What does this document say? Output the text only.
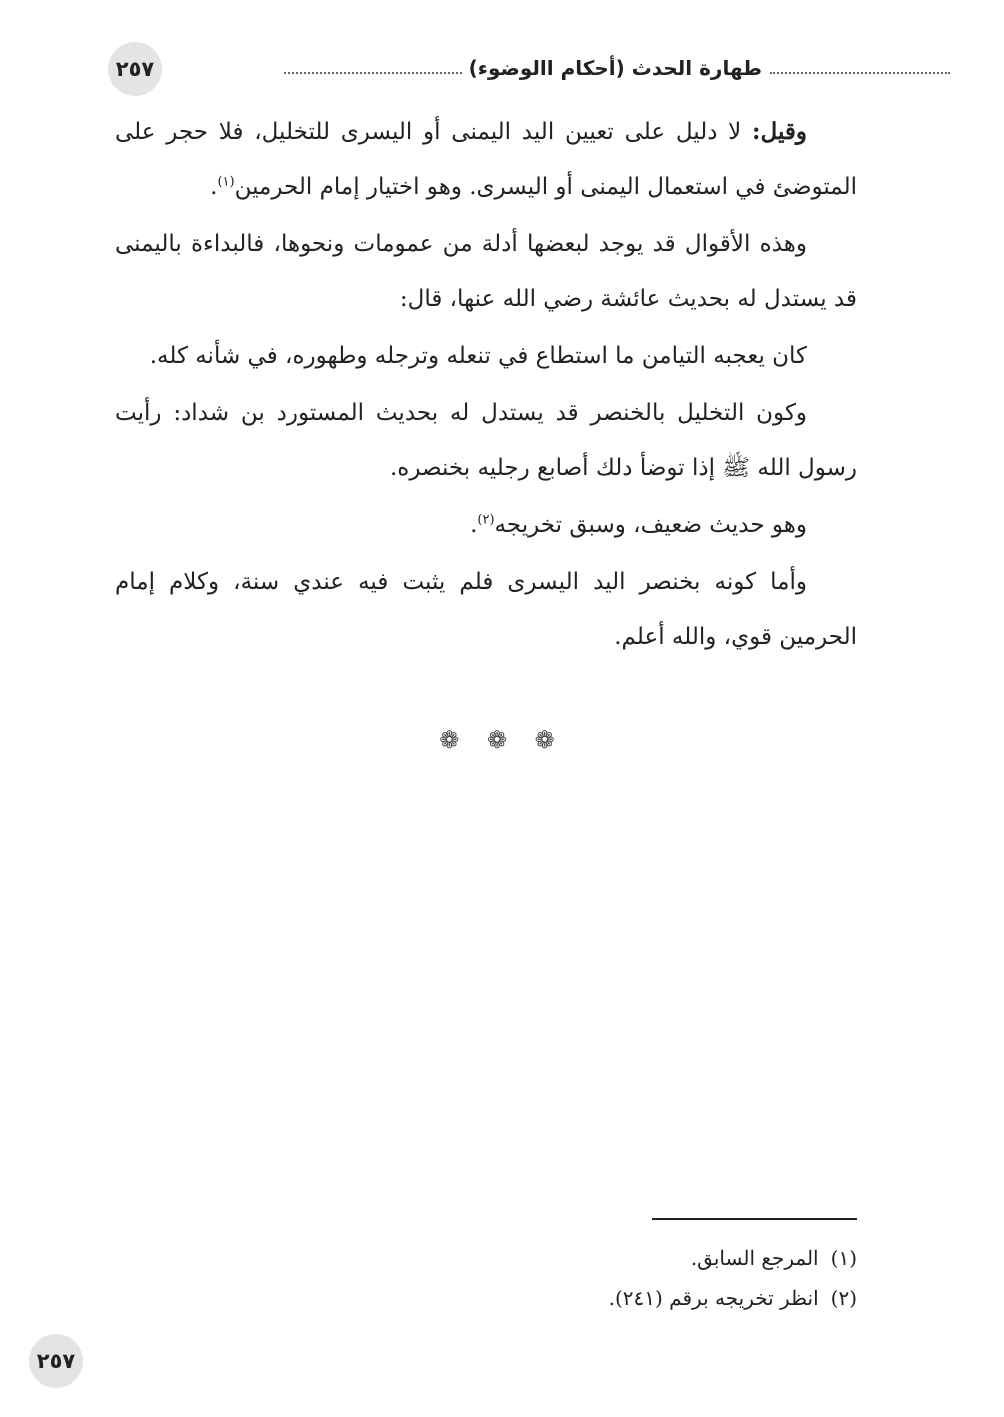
٢٥٧	طهارة الحدث (أحكام االوضوء)

وقيل: لا دليل على تعيين اليد اليمنى أو اليسرى للتخليل، فلا حجر على المتوضئ في استعمال اليمنى أو اليسرى. وهو اختيار إمام الحرمين$^{(١)}$.

وهذه الأقوال قد يوجد لبعضها أدلة من عمومات ونحوها، فالبداءة باليمنى قد يستدل له بحديث عائشة رضي الله عنها، قال:

كان يعجبه التيامن ما استطاع في تنعله وترجله وطهوره، في شأنه كله.

وكون التخليل بالخنصر قد يستدل له بحديث المستورد بن شداد: رأيت رسول الله ﷺ إذا توضأ دلك أصابع رجليه بخنصره.

وهو حديث ضعيف، وسبق تخريجه$^{(٢)}$.

وأما كونه بخنصر اليد اليسرى فلم يثبت فيه عندي سنة، وكلام إمام الحرمين قوي، والله أعلم.

❁ ❁ ❁

(١)المرجع السابق.

(٢)انظر تخريجه برقم (٢٤١).

٢٥٧
